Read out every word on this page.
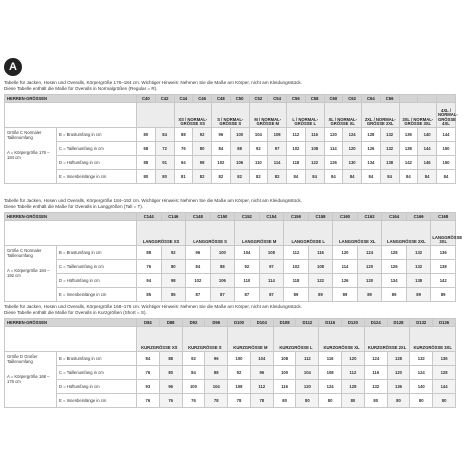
A
Tabelle für Jacken, Hosen und Overalls, Körpergröße 176–184 cm. Wichtiger Hinweis: Nehmen Sie die Maße am Körper, nicht am Kleidungsstück.
Diese Tabelle enthält die Maße für Overalls in Normalgrößen (Regular = R).
HERREN-GRÖSSEN		C40	C42	C44	C46	C48	C50	C52	C54	C56	C58	C60	C62	C64	C66			
				XS / NORMAL-GRÖSSE XS		S / NORMAL-GRÖSSE S		M / NORMAL-GRÖSSE M		L / NORMAL-GRÖSSE L		XL / NORMAL-GRÖSSE XL		2XL / NORMAL-GRÖSSE 2XL		3XL / NORMAL-GRÖSSE 3XL		4XL / NORMAL-GRÖSSE 4XL

Größe C Normaler Taillenumfang
A = Körpergröße 176 – 184 cm	B = Brustumfang in cm	80	84	88	92	96	100	104	108	112	116	120	124	128	132	136	140	144
	C = Taillenumfang in cm	68	72	76	80	84	88	92	97	102	108	114	120	126	132	138	144	150
	D = Hüftumfang in cm	88	91	94	98	102	106	110	114	118	122	126	130	134	138	142	146	150
	E = Innenbeinlänge in cm	80	80	81	82	82	82	82	82	84	84	84	84	84	84	84	84	84
Tabelle für Jacken, Hosen und Overalls, Körpergröße 184–192 cm. Wichtiger Hinweis: Nehmen Sie die Maße am Körper, nicht am Kleidungsstück.
Diese Tabelle enthält die Maße für Overalls in Langgrößen (Tall = T).
HERREN-GRÖSSEN		C144	C146	C148	C150	C152	C154	C156	C158	C160	C162	C164	C166	C168
		LANGGRÖSSE XS		LANGGRÖSSE S		LANGGRÖSSE M		LANGGRÖSSE L		LANGGRÖSSE XL		LANGGRÖSSE 2XL		LANGGRÖSSE 3XL

Größe C Normaler Taillenumfang
A = Körpergröße 184 – 192 cm	B = Brustumfang in cm	88	92	96	100	104	108	112	116	120	124	128	132	136
	C = Taillenumfang in cm	76	80	84	88	92	97	102	108	114	120	126	132	138
	D = Hüftumfang in cm	94	98	102	106	110	114	118	122	126	130	134	138	142
	E = Innenbeinlänge in cm	85	85	87	87	87	87	89	89	89	89	89	89	89
Tabelle für Jacken, Hosen und Overalls, Körpergröße 168–176 cm. Wichtiger Hinweis: Nehmen Sie die Maße am Körper, nicht am Kleidungsstück.
Diese Tabelle enthält die Maße für Overalls in Kurzgrößen (Short = S).
HERREN-GRÖSSEN		D84	D88	D92	D96	D100	D104	D108	D112	D116	D120	D124	D128	D132	D136
		KURZGRÖSSE XS		KURZGRÖSSE S		KURZGRÖSSE M		KURZGRÖSSE L		KURZGRÖSSE XL		KURZGRÖSSE 2XL		KURZGRÖSSE 3XL	

Größe D Großer Taillenumfang
A = Körpergröße 168 – 176 cm	B = Brustumfang in cm	84	88	92	96	100	104	108	112	116	120	124	128	132	136
	C = Taillenumfang in cm	76	80	84	88	92	96	100	104	108	112	116	120	124	128
	D = Hüftumfang in cm	93	96	100	104	108	112	116	120	124	128	132	136	140	144
	E = Innenbeinlänge in cm	76	76	76	78	78	78	80	80	80	80	80	80	80	80
